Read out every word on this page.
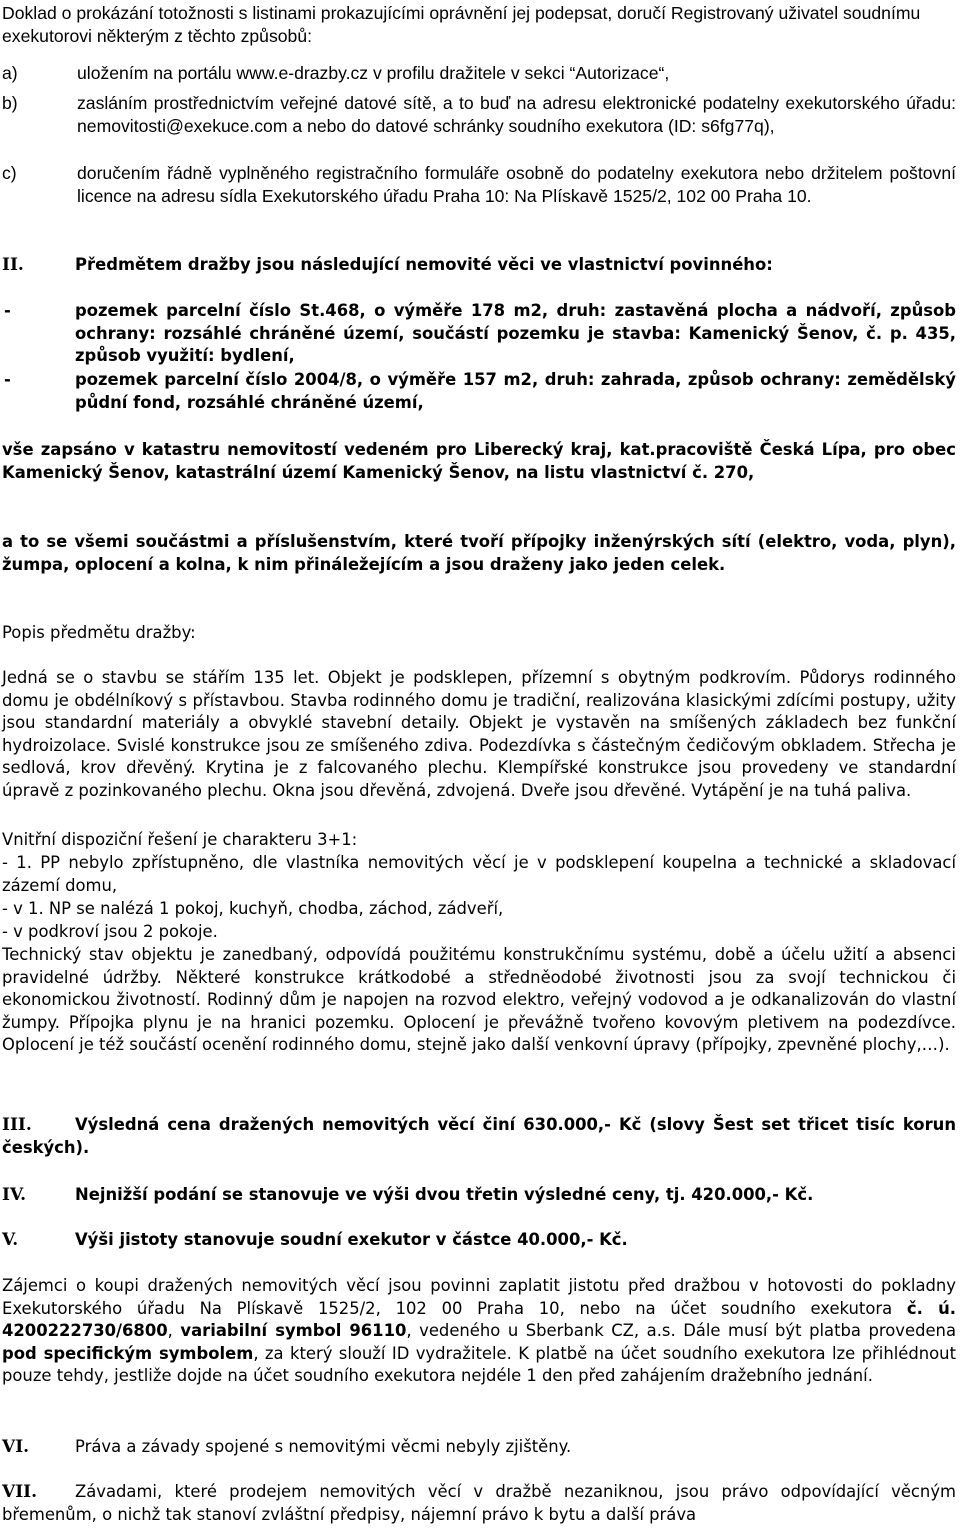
Doklad o prokázání totožnosti s listinami prokazujícími oprávnění jej podepsat, doručí Registrovaný uživatel soudnímu exekutorovi některým z těchto způsobů:

a)	uložením na portálu www.e-drazby.cz v profilu dražitele v sekci “Autorizace“,
b)	zasláním prostřednictvím veřejné datové sítě, a to buď na adresu elektronické podatelny exekutorského úřadu: nemovitosti@exekuce.com a nebo do datové schránky soudního exekutora (ID: s6fg77q),
c)	doručením řádně vyplněného registračního formuláře osobně do podatelny exekutora nebo držitelem poštovní licence na adresu sídla Exekutorského úřadu Praha 10: Na Plískavě 1525/2, 102 00 Praha 10.
II.	Předmětem dražby jsou následující nemovité věci ve vlastnictví povinného:
-	pozemek parcelní číslo St.468, o výměře 178 m2, druh: zastavěná plocha a nádvoří, způsob ochrany: rozsáhlé chráněné území, součástí pozemku je stavba: Kamenický Šenov, č. p. 435, způsob využití: bydlení,
-	pozemek parcelní číslo 2004/8, o výměře 157 m2, druh: zahrada, způsob ochrany: zemědělský půdní fond, rozsáhlé chráněné území,

vše zapsáno v katastru nemovitostí vedeném pro Liberecký kraj, kat.pracoviště Česká Lípa, pro obec Kamenický Šenov, katastrální území Kamenický Šenov, na listu vlastnictví č. 270,

a to se všemi součástmi a příslušenstvím, které tvoří přípojky inženýrských sítí (elektro, voda, plyn), žumpa, oplocení a kolna, k nim přináležejícím a jsou draženy jako jeden celek.

Popis předmětu dražby:

Jedná se o stavbu se stářím 135 let. Objekt je podsklepen, přízemní s obytným podkrovím. Půdorys rodinného domu je obdélníkový s přístavbou. Stavba rodinného domu je tradiční, realizována klasickými zdícími postupy, užity jsou standardní materiály a obvyklé stavební detaily. Objekt je vystavěn na smíšených základech bez funkční hydroizolace. Svislé konstrukce jsou ze smíšeného zdiva. Podezdívka s částečným čedičovým obkladem. Střecha je sedlová, krov dřevěný. Krytina je z falcovaného plechu. Klempířské konstrukce jsou provedeny ve standardní úpravě z pozinkovaného plechu. Okna jsou dřevěná, zdvojená. Dveře jsou dřevěné. Vytápění je na tuhá paliva.

Vnitřní dispoziční řešení je charakteru 3+1:

- 1. PP nebylo zpřístupněno, dle vlastníka nemovitých věcí je v podsklepení koupelna a technické a skladovací zázemí domu,

- v 1. NP se nalézá 1 pokoj, kuchyň, chodba, záchod, zádveří,

- v podkroví jsou 2 pokoje.

Technický stav objektu je zanedbaný, odpovídá použitému konstrukčnímu systému, době a účelu užití a absenci pravidelné údržby. Některé konstrukce krátkodobé a středněodobé životnosti jsou za svojí technickou či ekonomickou životností. Rodinný dům je napojen na rozvod elektro, veřejný vodovod a je odkanalizován do vlastní žumpy. Přípojka plynu je na hranici pozemku. Oplocení je převážně tvořeno kovovým pletivem na podezdívce. Oplocení je též součástí ocenění rodinného domu, stejně jako další venkovní úpravy (přípojky, zpevněné plochy,…).

III.	Výsledná cena dražených nemovitých věcí činí 630.000,- Kč (slovy Šest set třicet tisíc korun českých).
IV.	Nejnižší podání se stanovuje ve výši dvou třetin výsledné ceny, tj. 420.000,- Kč.
V.	Výši jistoty stanovuje soudní exekutor v částce 40.000,- Kč.

Zájemci o koupi dražených nemovitých věcí jsou povinni zaplatit jistotu před dražbou v hotovosti do pokladny Exekutorského úřadu Na Plískavě 1525/2, 102 00 Praha 10, nebo na účet soudního exekutora č. ú. 4200222730/6800, variabilní symbol 96110, vedeného u Sberbank CZ, a.s. Dále musí být platba provedena pod specifickým symbolem, za který slouží ID vydražitele. K platbě na účet soudního exekutora lze přihlédnout pouze tehdy, jestliže dojde na účet soudního exekutora nejdéle 1 den před zahájením dražebního jednání.

VI.	Práva a závady spojené s nemovitými věcmi nebyly zjištěny.
VII.	Závadami, které prodejem nemovitých věcí v dražbě nezaniknou, jsou právo odpovídající věcným břemenům, o nichž tak stanoví zvláštní předpisy, nájemní právo k bytu a další práva
